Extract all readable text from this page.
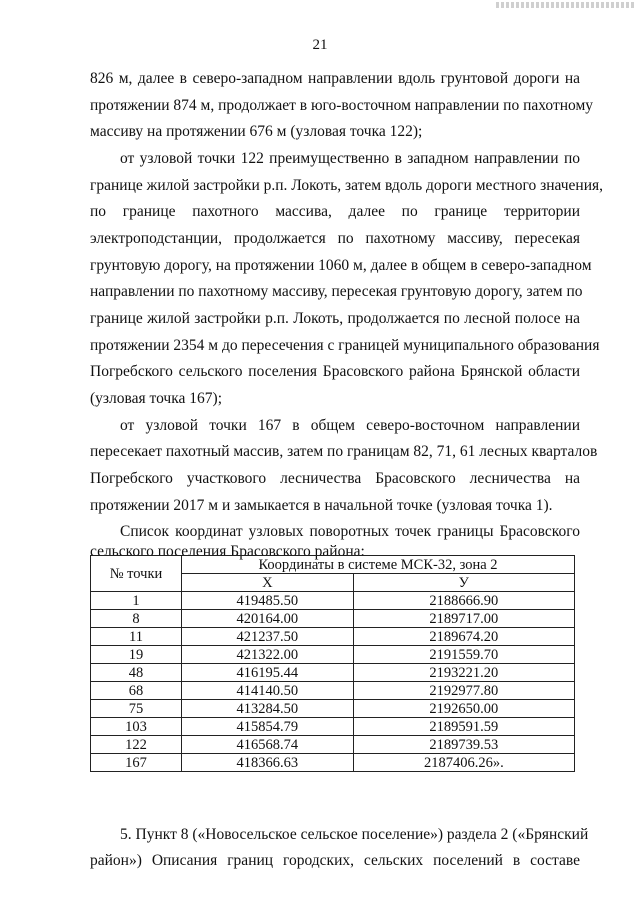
21
826 м, далее в северо-западном направлении вдоль грунтовой дороги на
протяжении 874 м, продолжает в юго-восточном направлении по пахотному
массиву на протяжении 676 м (узловая точка 122);
от узловой точки 122 преимущественно в западном направлении по
границе жилой застройки р.п. Локоть, затем вдоль дороги местного значения,
по границе пахотного массива, далее по границе территории
электроподстанции, продолжается по пахотному массиву, пересекая
грунтовую дорогу, на протяжении 1060 м, далее в общем в северо-западном
направлении по пахотному массиву, пересекая грунтовую дорогу, затем по
границе жилой застройки р.п. Локоть, продолжается по лесной полосе на
протяжении 2354 м до пересечения с границей муниципального образования
Погребского сельского поселения Брасовского района Брянской области
(узловая точка 167);
от узловой точки 167 в общем северо-восточном направлении
пересекает пахотный массив, затем по границам 82, 71, 61 лесных кварталов
Погребского участкового лесничества Брасовского лесничества на
протяжении 2017 м и замыкается в начальной точке (узловая точка 1).
Список координат узловых поворотных точек границы Брасовского
сельского поселения Брасовского района:
№ точки	Координаты в системе МСК-32, зона 2	
	X	У
1	419485.50	2188666.90
8	420164.00	2189717.00
11	421237.50	2189674.20
19	421322.00	2191559.70
48	416195.44	2193221.20
68	414140.50	2192977.80
75	413284.50	2192650.00
103	415854.79	2189591.59
122	416568.74	2189739.53
167	418366.63	2187406.26».
5. Пункт 8 («Новосельское сельское поселение») раздела 2 («Брянский
район») Описания границ городских, сельских поселений в составе
